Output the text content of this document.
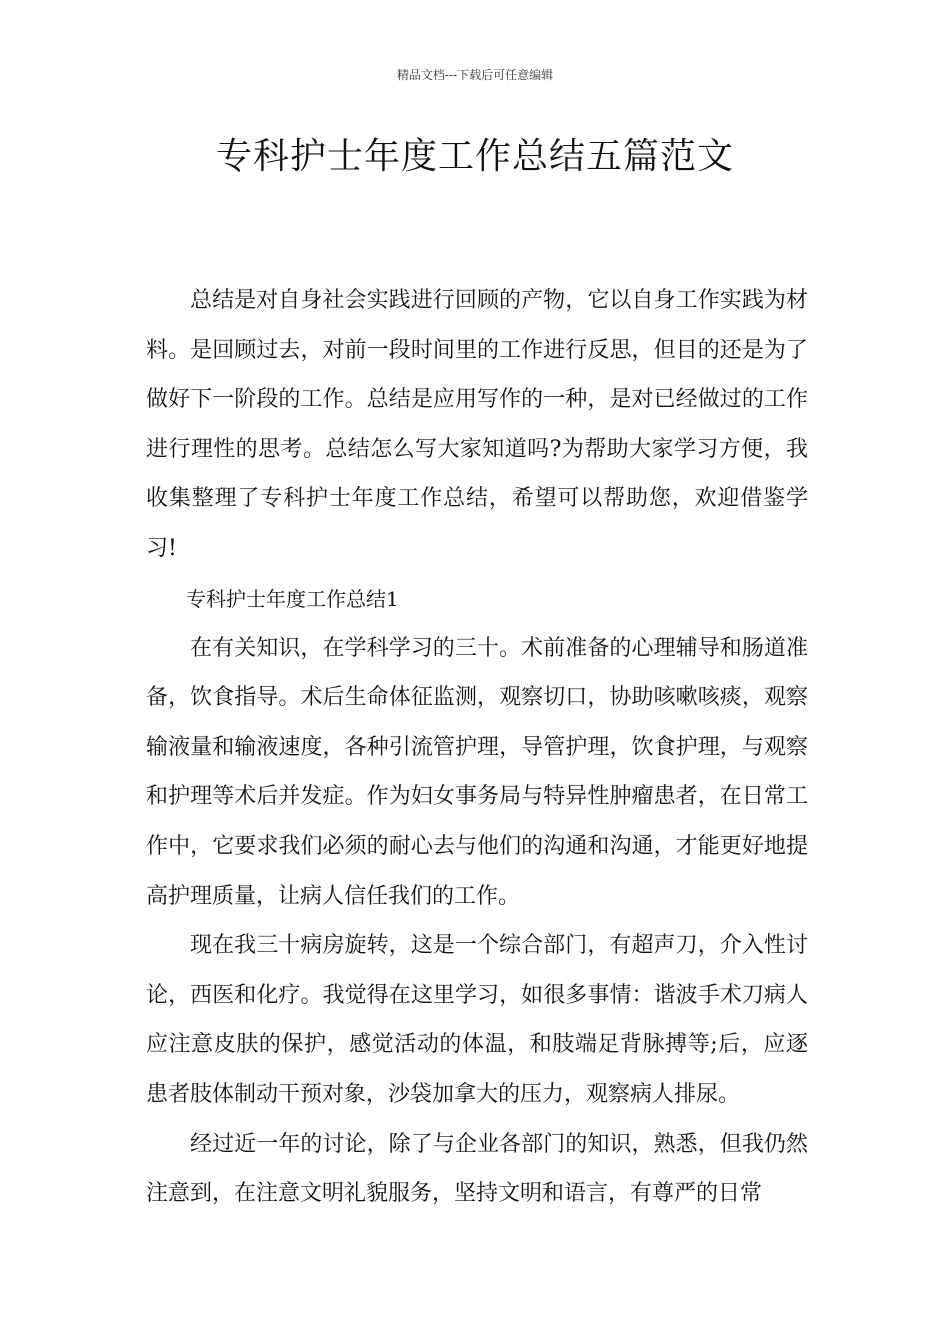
精品文档---下载后可任意编辑
专科护士年度工作总结五篇范文

总结是对自身社会实践进行回顾的产物，它以自身工作实践为材料。是回顾过去，对前一段时间里的工作进行反思，但目的还是为了做好下一阶段的工作。总结是应用写作的一种，是对已经做过的工作进行理性的思考。总结怎么写大家知道吗?为帮助大家学习方便，我收集整理了专科护士年度工作总结，希望可以帮助您，欢迎借鉴学习!

专科护士年度工作总结1

在有关知识，在学科学习的三十。术前准备的心理辅导和肠道准备，饮食指导。术后生命体征监测，观察切口，协助咳嗽咳痰，观察输液量和输液速度，各种引流管护理，导管护理，饮食护理，与观察和护理等术后并发症。作为妇女事务局与特异性肿瘤患者，在日常工作中，它要求我们必须的耐心去与他们的沟通和沟通，才能更好地提高护理质量，让病人信任我们的工作。

现在我三十病房旋转，这是一个综合部门，有超声刀，介入性讨论，西医和化疗。我觉得在这里学习，如很多事情：谐波手术刀病人应注意皮肤的保护，感觉活动的体温，和肢端足背脉搏等;后，应逐患者肢体制动干预对象，沙袋加拿大的压力，观察病人排尿。

经过近一年的讨论，除了与企业各部门的知识，熟悉，但我仍然注意到，在注意文明礼貌服务，坚持文明和语言，有尊严的日常
